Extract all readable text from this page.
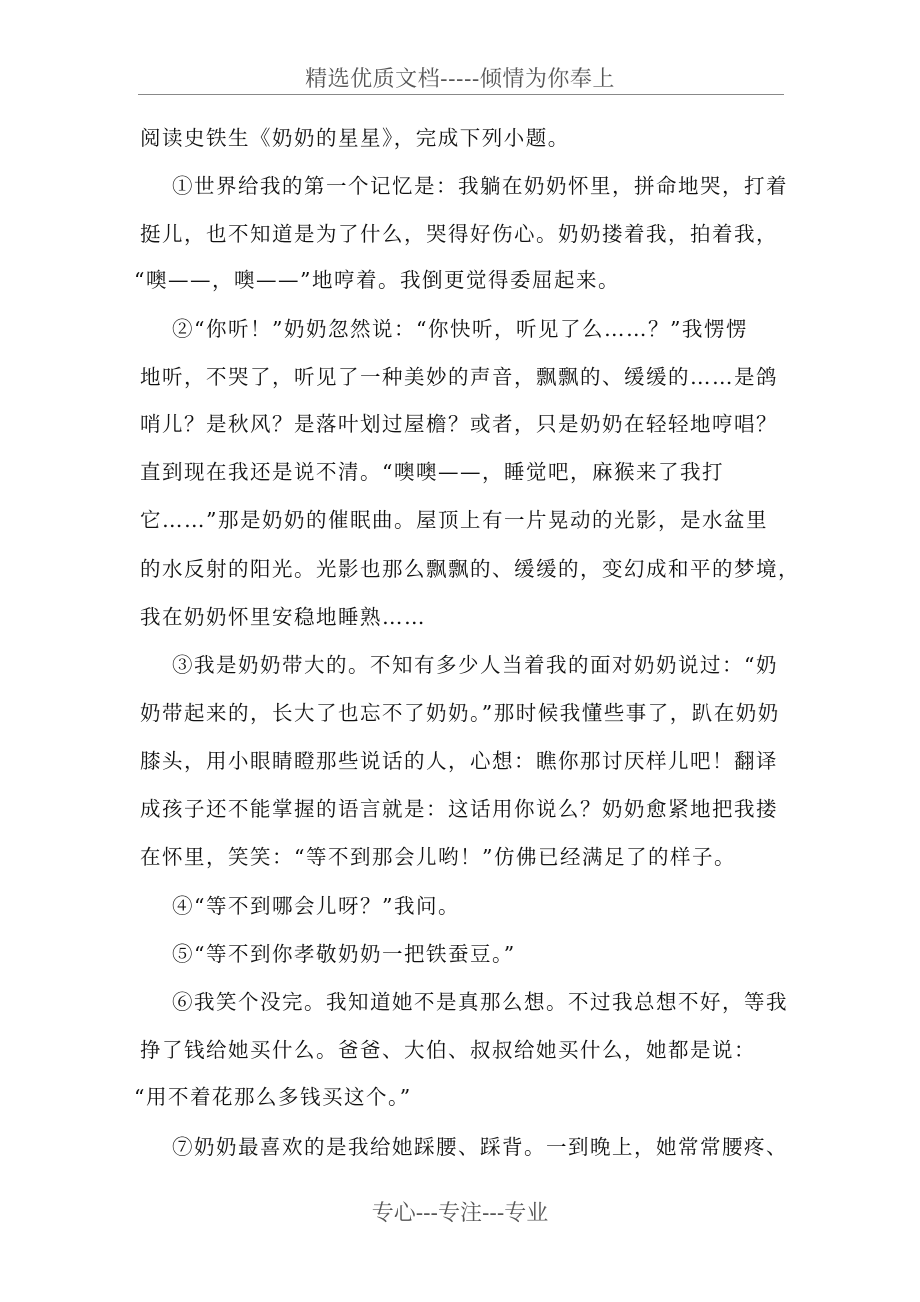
精选优质文档-----倾情为你奉上
阅读史铁生《奶奶的星星》，完成下列小题。
①世界给我的第一个记忆是：我躺在奶奶怀里，拼命地哭，打着
挺儿，也不知道是为了什么，哭得好伤心。奶奶搂着我，拍着我，
“噢——，噢——”地哼着。我倒更觉得委屈起来。
②“你听！”奶奶忽然说：“你快听，听见了么……？”我愣愣
地听，不哭了，听见了一种美妙的声音，飘飘的、缓缓的……是鸽
哨儿？是秋风？是落叶划过屋檐？或者，只是奶奶在轻轻地哼唱？
直到现在我还是说不清。“噢噢——，睡觉吧，麻猴来了我打
它……”那是奶奶的催眠曲。屋顶上有一片晃动的光影，是水盆里
的水反射的阳光。光影也那么飘飘的、缓缓的，变幻成和平的梦境，
我在奶奶怀里安稳地睡熟……
③我是奶奶带大的。不知有多少人当着我的面对奶奶说过：“奶
奶带起来的，长大了也忘不了奶奶。”那时候我懂些事了，趴在奶奶
膝头，用小眼睛瞪那些说话的人，心想：瞧你那讨厌样儿吧！翻译
成孩子还不能掌握的语言就是：这话用你说么？奶奶愈紧地把我搂
在怀里，笑笑：“等不到那会儿哟！”仿佛已经满足了的样子。
④“等不到哪会儿呀？”我问。
⑤“等不到你孝敬奶奶一把铁蚕豆。”
⑥我笑个没完。我知道她不是真那么想。不过我总想不好，等我
挣了钱给她买什么。爸爸、大伯、叔叔给她买什么，她都是说：
“用不着花那么多钱买这个。”
⑦奶奶最喜欢的是我给她踩腰、踩背。一到晚上，她常常腰疼、
专心---专注---专业
